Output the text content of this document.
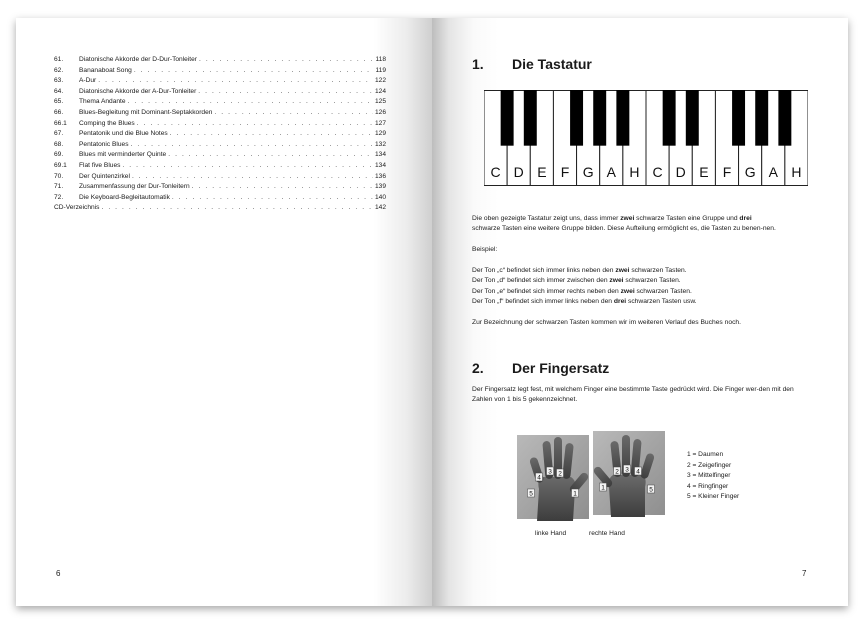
61.	Diatonische Akkorde der D-Dur-Tonleiter . . .	118
62.	Bananaboat Song . . .	119
63.	A-Dur . . .	122
64.	Diatonische Akkorde der A-Dur-Tonleiter . . .	124
65.	Thema Andante . . .	125
66.	Blues-Begleitung mit Dominant-Septakkorden . . .	126
66.1	Comping the Blues . . .	127
67.	Pentatonik und die Blue Notes . . .	129
68.	Pentatonic Blues . . .	132
69.	Blues mit verminderter Quinte . . .	134
69.1	Flat five Blues . . .	134
70.	Der Quintenzirkel . . .	136
71.	Zusammenfassung der Dur-Tonleitern . . .	139
72.	Die Keyboard-Begleitautomatik . . .	140
CD-Verzeichnis . . .	142
6
1. Die Tastatur
C D E F G A H C D E F G A H

Die oben gezeigte Tastatur zeigt uns, dass immer zwei schwarze Tasten eine Gruppe und drei
schwarze Tasten eine weitere Gruppe bilden. Diese Aufteilung ermöglicht es, die Tasten zu benen-nen.

Beispiel:

Der Ton „c“ befindet sich immer links neben den zwei schwarzen Tasten.

Der Ton „d“ befindet sich immer zwischen den zwei schwarzen Tasten.

Der Ton „e“ befindet sich immer rechts neben den zwei schwarzen Tasten.

Der Ton „f“ befindet sich immer links neben den drei schwarzen Tasten usw.

Zur Bezeichnung der schwarzen Tasten kommen wir im weiteren Verlauf des Buches noch.

2. Der Fingersatz
Der Fingersatz legt fest, mit welchem Finger eine bestimmte Taste gedrückt wird. Die Finger wer-den mit den Zahlen von 1 bis 5 gekennzeichnet.
5
4
3 2
1
1
2 3 4
5
1 = Daumen
2 = Zeigefinger
3 = Mittelfinger
4 = Ringfinger
5 = Kleiner Finger
linke Hand	rechte Hand
7
